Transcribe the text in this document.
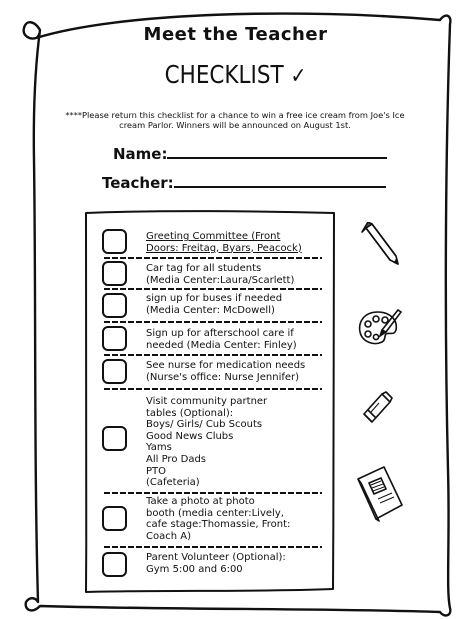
Meet the Teacher
CHECKLIST ✓
****Please return this checklist for a chance to win a free ice cream from Joe's Ice cream Parlor. Winners will be announced on August 1st.
Name:
Teacher:
Greeting Committee (Front
Doors: Freitag, Byars, Peacock)
Car tag for all students
(Media Center:Laura/Scarlett)
sign up for buses if needed
(Media Center: McDowell)
Sign up for afterschool care if
needed (Media Center: Finley)
See nurse for medication needs
(Nurse's office: Nurse Jennifer)
Visit community partner
tables (Optional):
Boys/ Girls/ Cub Scouts
Good News Clubs
Yams
All Pro Dads
PTO
(Cafeteria)
Take a photo at photo
booth (media center:Lively,
cafe stage:Thomassie, Front:
Coach A)
Parent Volunteer (Optional):
Gym 5:00 and 6:00
